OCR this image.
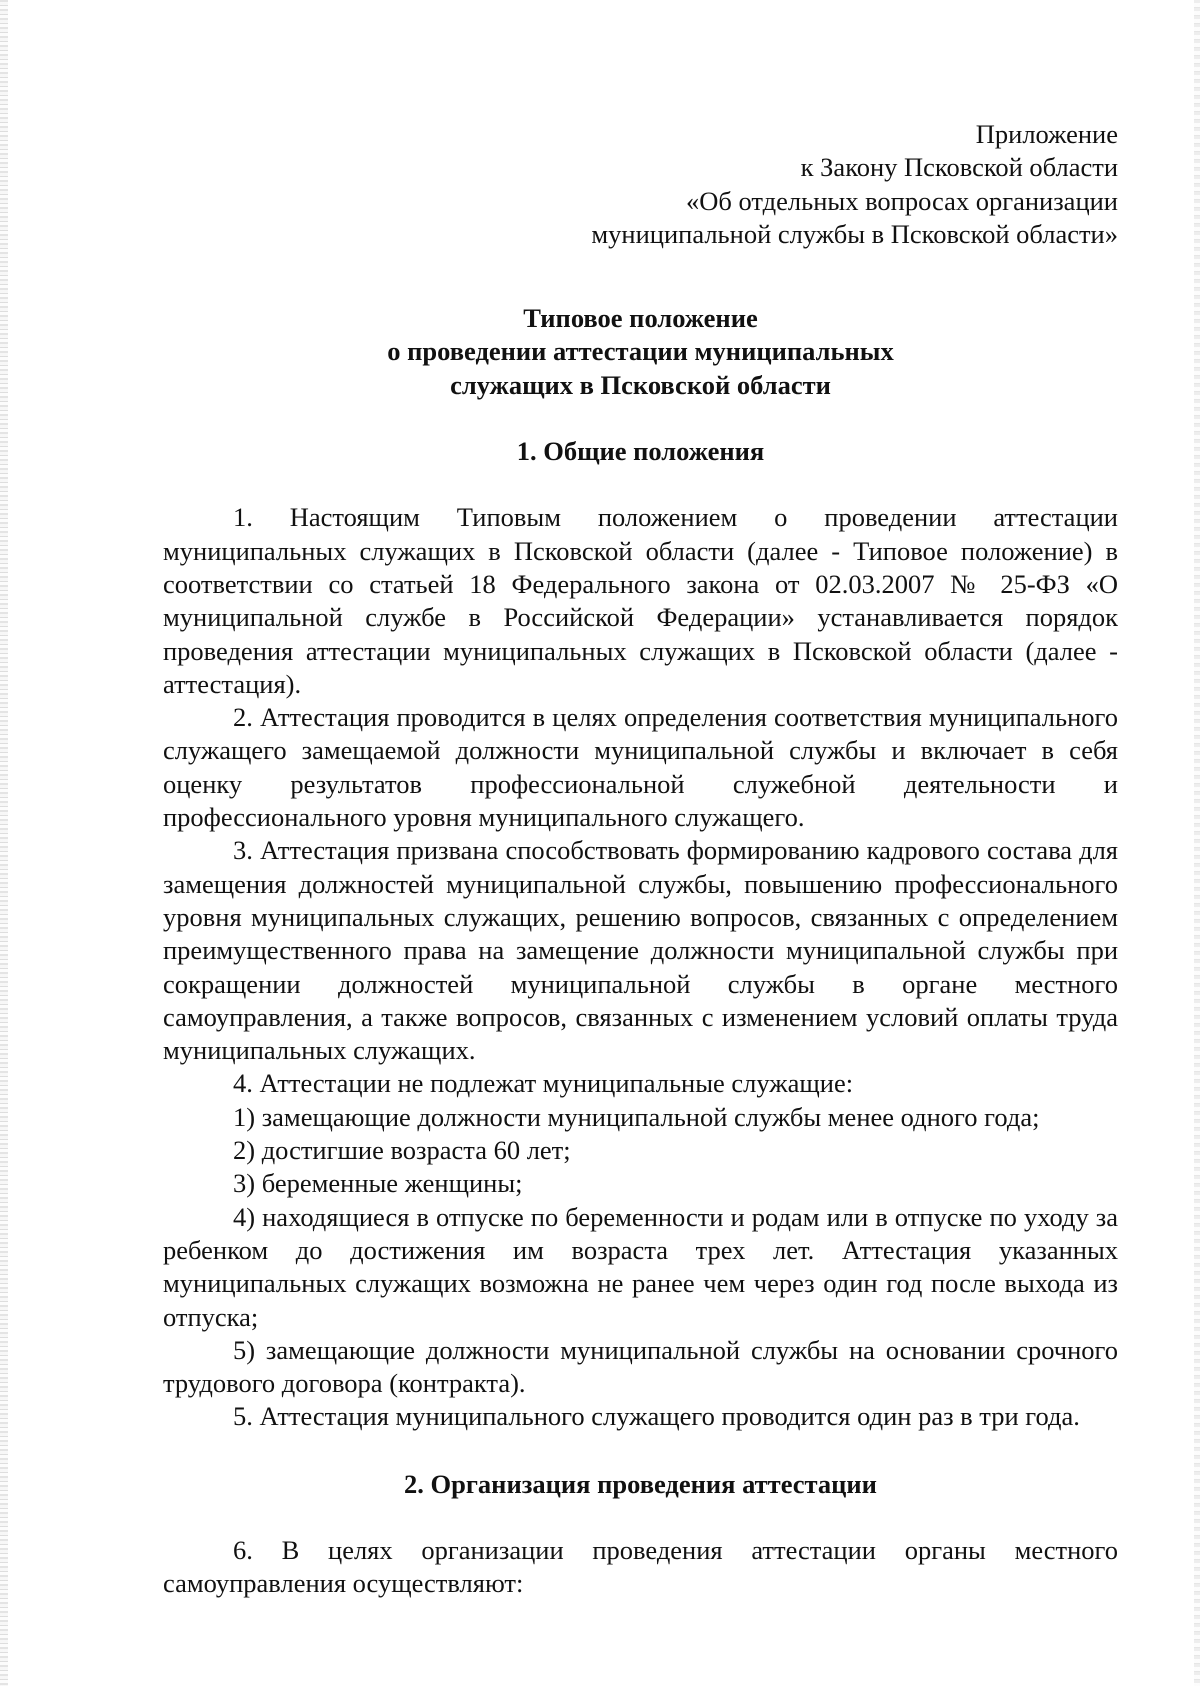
Приложение
к Закону Псковской области
«Об отдельных вопросах организации
муниципальной службы в Псковской области»
Типовое положение
о проведении аттестации муниципальных
служащих в Псковской области
1. Общие положения

1. Настоящим Типовым положением о проведении аттестации муниципальных служащих в Псковской области (далее - Типовое положение) в соответствии со статьей 18 Федерального закона от 02.03.2007 № 25-ФЗ «О муниципальной службе в Российской Федерации» устанавливается порядок проведения аттестации муниципальных служащих в Псковской области (далее - аттестация).

2. Аттестация проводится в целях определения соответствия муниципального служащего замещаемой должности муниципальной службы и включает в себя оценку результатов профессиональной служебной деятельности и профессионального уровня муниципального служащего.

3. Аттестация призвана способствовать формированию кадрового состава для замещения должностей муниципальной службы, повышению профессионального уровня муниципальных служащих, решению вопросов, связанных с определением преимущественного права на замещение должности муниципальной службы при сокращении должностей муниципальной службы в органе местного самоуправления, а также вопросов, связанных с изменением условий оплаты труда муниципальных служащих.

4. Аттестации не подлежат муниципальные служащие:

1) замещающие должности муниципальной службы менее одного года;

2) достигшие возраста 60 лет;

3) беременные женщины;

4) находящиеся в отпуске по беременности и родам или в отпуске по уходу за ребенком до достижения им возраста трех лет. Аттестация указанных муниципальных служащих возможна не ранее чем через один год после выхода из отпуска;

5) замещающие должности муниципальной службы на основании срочного трудового договора (контракта).

5. Аттестация муниципального служащего проводится один раз в три года.

2. Организация проведения аттестации

6. В целях организации проведения аттестации органы местного самоуправления осуществляют:
